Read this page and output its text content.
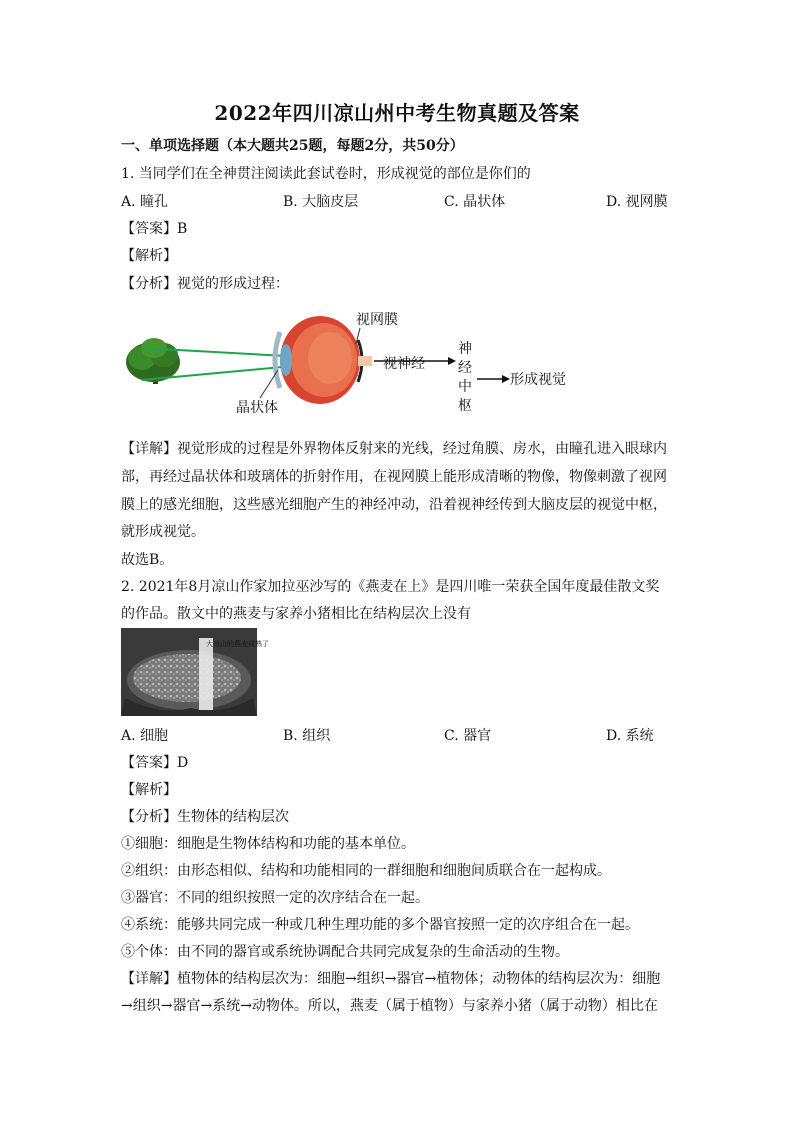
2022年四川凉山州中考生物真题及答案
一、单项选择题（本大题共25题，每题2分，共50分）
1. 当同学们在全神贯注阅读此套试卷时，形成视觉的部位是你们的
A. 瞳孔	B. 大脑皮层	C. 晶状体	D. 视网膜
【答案】B
【解析】
【分析】视觉的形成过程：
视网膜
视神经
神
经
中
枢
形成视觉
晶状体
【详解】视觉形成的过程是外界物体反射来的光线，经过角膜、房水，由瞳孔进入眼球内
部，再经过晶状体和玻璃体的折射作用，在视网膜上能形成清晰的物像，物像刺激了视网
膜上的感光细胞，这些感光细胞产生的神经冲动，沿着视神经传到大脑皮层的视觉中枢，
就形成视觉。
故选B。
2. 2021年8月凉山作家加拉巫沙写的《燕麦在上》是四川唯一荣获全国年度最佳散文奖
的作品。散文中的燕麦与家养小猪相比在结构层次上没有
大凉山的燕麦成熟了
A. 细胞	B. 组织	C. 器官	D. 系统
【答案】D
【解析】
【分析】生物体的结构层次
①细胞：细胞是生物体结构和功能的基本单位。
②组织：由形态相似、结构和功能相同的一群细胞和细胞间质联合在一起构成。
③器官：不同的组织按照一定的次序结合在一起。
④系统：能够共同完成一种或几种生理功能的多个器官按照一定的次序组合在一起。
⑤个体：由不同的器官或系统协调配合共同完成复杂的生命活动的生物。
【详解】植物体的结构层次为：细胞→组织→器官→植物体；动物体的结构层次为：细胞
→组织→器官→系统→动物体。所以，燕麦（属于植物）与家养小猪（属于动物）相比在
